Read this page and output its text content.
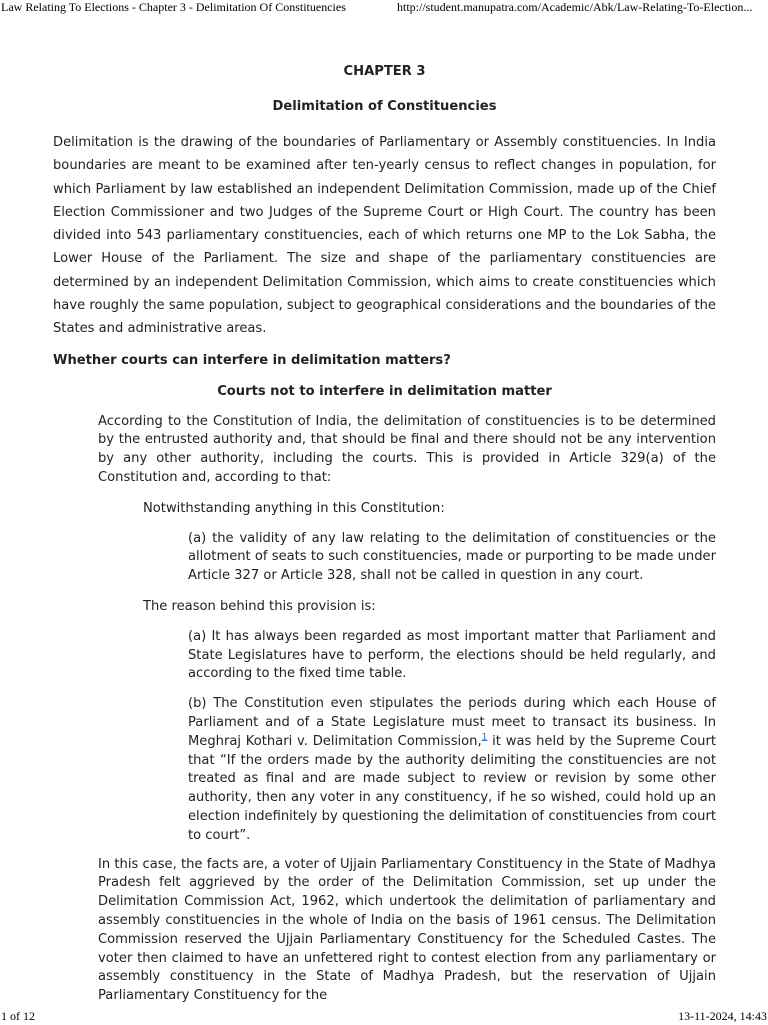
Law Relating To Elections - Chapter 3 - Delimitation Of Constituencies	http://student.manupatra.com/Academic/Abk/Law-Relating-To-Election...

CHAPTER 3

Delimitation of Constituencies

Delimitation is the drawing of the boundaries of Parliamentary or Assembly constituencies. In India boundaries are meant to be examined after ten-yearly census to reflect changes in population, for which Parliament by law established an independent Delimitation Commission, made up of the Chief Election Commissioner and two Judges of the Supreme Court or High Court. The country has been divided into 543 parliamentary constituencies, each of which returns one MP to the Lok Sabha, the Lower House of the Parliament. The size and shape of the parliamentary constituencies are determined by an independent Delimitation Commission, which aims to create constituencies which have roughly the same population, subject to geographical considerations and the boundaries of the States and administrative areas.

Whether courts can interfere in delimitation matters?

Courts not to interfere in delimitation matter

According to the Constitution of India, the delimitation of constituencies is to be determined by the entrusted authority and, that should be final and there should not be any intervention by any other authority, including the courts. This is provided in Article 329(a) of the Constitution and, according to that:

Notwithstanding anything in this Constitution:

(a) the validity of any law relating to the delimitation of constituencies or the allotment of seats to such constituencies, made or purporting to be made under Article 327 or Article 328, shall not be called in question in any court.

The reason behind this provision is:

(a) It has always been regarded as most important matter that Parliament and State Legislatures have to perform, the elections should be held regularly, and according to the fixed time table.

(b) The Constitution even stipulates the periods during which each House of Parliament and of a State Legislature must meet to transact its business. In Meghraj Kothari v. Delimitation Commission,$^1$ it was held by the Supreme Court that “If the orders made by the authority delimiting the constituencies are not treated as final and are made subject to review or revision by some other authority, then any voter in any constituency, if he so wished, could hold up an election indefinitely by questioning the delimitation of constituencies from court to court”.

In this case, the facts are, a voter of Ujjain Parliamentary Constituency in the State of Madhya Pradesh felt aggrieved by the order of the Delimitation Commission, set up under the Delimitation Commission Act, 1962, which undertook the delimitation of parliamentary and assembly constituencies in the whole of India on the basis of 1961 census. The Delimitation Commission reserved the Ujjain Parliamentary Constituency for the Scheduled Castes. The voter then claimed to have an unfettered right to contest election from any parliamentary or assembly constituency in the State of Madhya Pradesh, but the reservation of Ujjain Parliamentary Constituency for the

1 of 12	13-11-2024, 14:43
